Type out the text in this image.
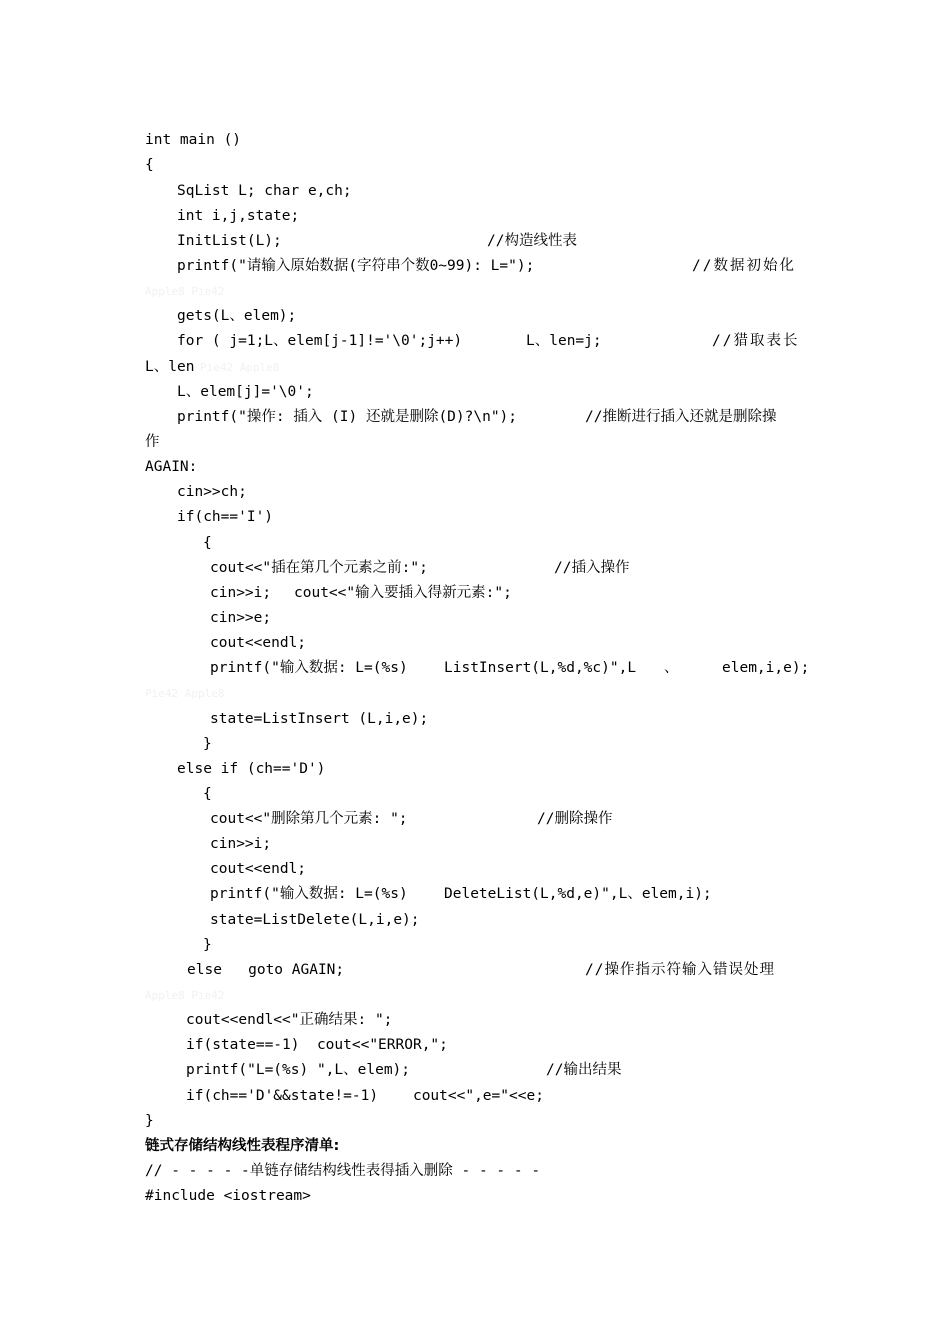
int main ()

{

SqList L; char e,ch;

int i,j,state;

InitList(L);

	//构造线性表

printf("请输入原始数据(字符串个数0~99): L=");

	//数据初始化

Apple8 Pie42

gets(L、elem);

for ( j=1;L、elem[j-1]!='\0';j++)

	L、len=j;

	//猎取表长

L、len

Pie42 Apple8

L、elem[j]='\0';

printf("操作: 插入 (I) 还就是删除(D)?\n");

	//推断进行插入还就是删除操

作

AGAIN:

cin>>ch;

if(ch=='I')

{

cout<<"插在第几个元素之前:";

	//插入操作

cin>>i;

cout<<"输入要插入得新元素:";

cin>>e;

cout<<endl;

printf("输入数据: L=(%s)

	ListInsert(L,%d,%c)",L

、

	elem,i,e);

Pie42 Apple8

state=ListInsert (L,i,e);

}

else if (ch=='D')

{

cout<<"删除第几个元素: ";

	//删除操作

cin>>i;

cout<<endl;

printf("输入数据: L=(%s)

	DeleteList(L,%d,e)",L、elem,i);

state=ListDelete(L,i,e);

}

else   goto AGAIN;

	//操作指示符输入错误处理

Apple8 Pie42

cout<<endl<<"正确结果: ";

if(state==-1)  cout<<"ERROR,";

printf("L=(%s) ",L、elem);

	//输出结果

if(ch=='D'&&state!=-1)    cout<<",e="<<e;

}

链式存储结构线性表程序清单:

// - - - - -单链存储结构线性表得插入删除 - - - - -

#include <iostream>
